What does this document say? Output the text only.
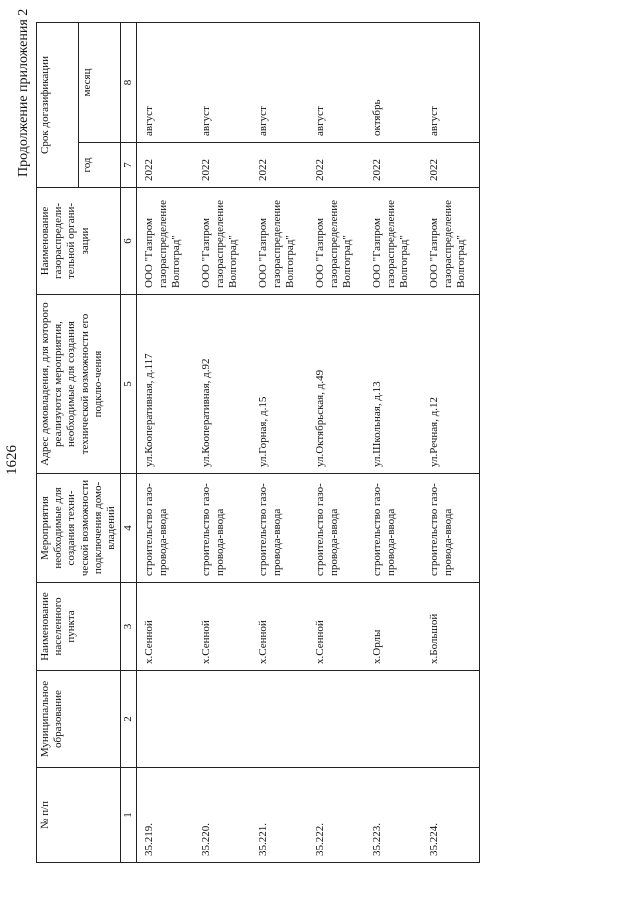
1626
Продолжение приложения 2
№ п/п	Муниципальное образование	Наименование населенного пункта	Мероприятия необходимые для создания техни-ческой возможности подключения домо-владений	Адрес домовладения, для которого реализуются мероприятия, необходимые для создания технической возможности его подклю-чения	Наименование газораспредели-тельной органи-зации	Срок догазификации	
						год	месяц
1	2	3	4	5	6	7	8
35.219.		х.Сенной	строительство газо-провода-ввода	ул.Кооперативная, д.117	ООО "Газпром газораспределение Волгоград"	2022	август
35.220.		х.Сенной	строительство газо-провода-ввода	ул.Кооперативная, д.92	ООО "Газпром газораспределение Волгоград"	2022	август
35.221.		х.Сенной	строительство газо-провода-ввода	ул.Горная, д.15	ООО "Газпром газораспределение Волгоград"	2022	август
35.222.		х.Сенной	строительство газо-провода-ввода	ул.Октябрьская, д.49	ООО "Газпром газораспределение Волгоград"	2022	август
35.223.		х.Орлы	строительство газо-провода-ввода	ул.Школьная, д.13	ООО "Газпром газораспределение Волгоград"	2022	октябрь
35.224.		х.Большой	строительство газо-провода-ввода	ул.Речная, д.12	ООО "Газпром газораспределение Волгоград"	2022	август
